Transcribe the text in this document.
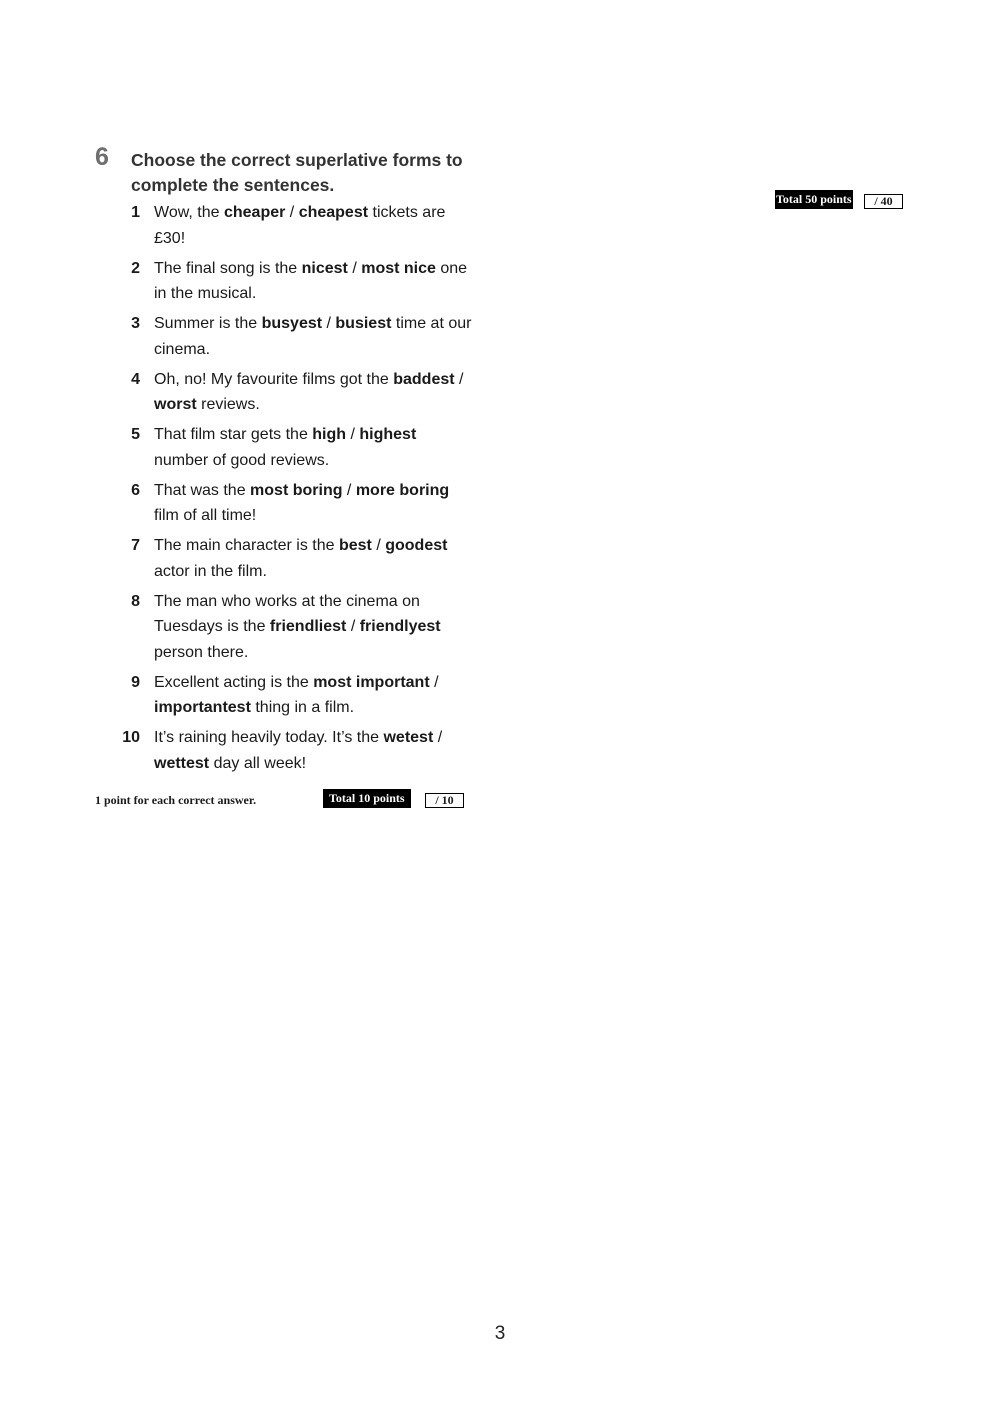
6	Choose the correct superlative forms to complete the sentences.
1 Wow, the cheaper / cheapest tickets are £30!
2 The final song is the nicest / most nice one in the musical.
3 Summer is the busyest / busiest time at our cinema.
4 Oh, no! My favourite films got the baddest / worst reviews.
5 That film star gets the high / highest number of good reviews.
6 That was the most boring / more boring film of all time!
7 The main character is the best / goodest actor in the film.
8 The man who works at the cinema on Tuesdays is the friendliest / friendlyest person there.
9 Excellent acting is the most important / importantest thing in a film.
10 It’s raining heavily today. It’s the wetest / wettest day all week!
1 point for each correct answer.	Total 10 points	/ 10
Total 50 points	/ 40
3
